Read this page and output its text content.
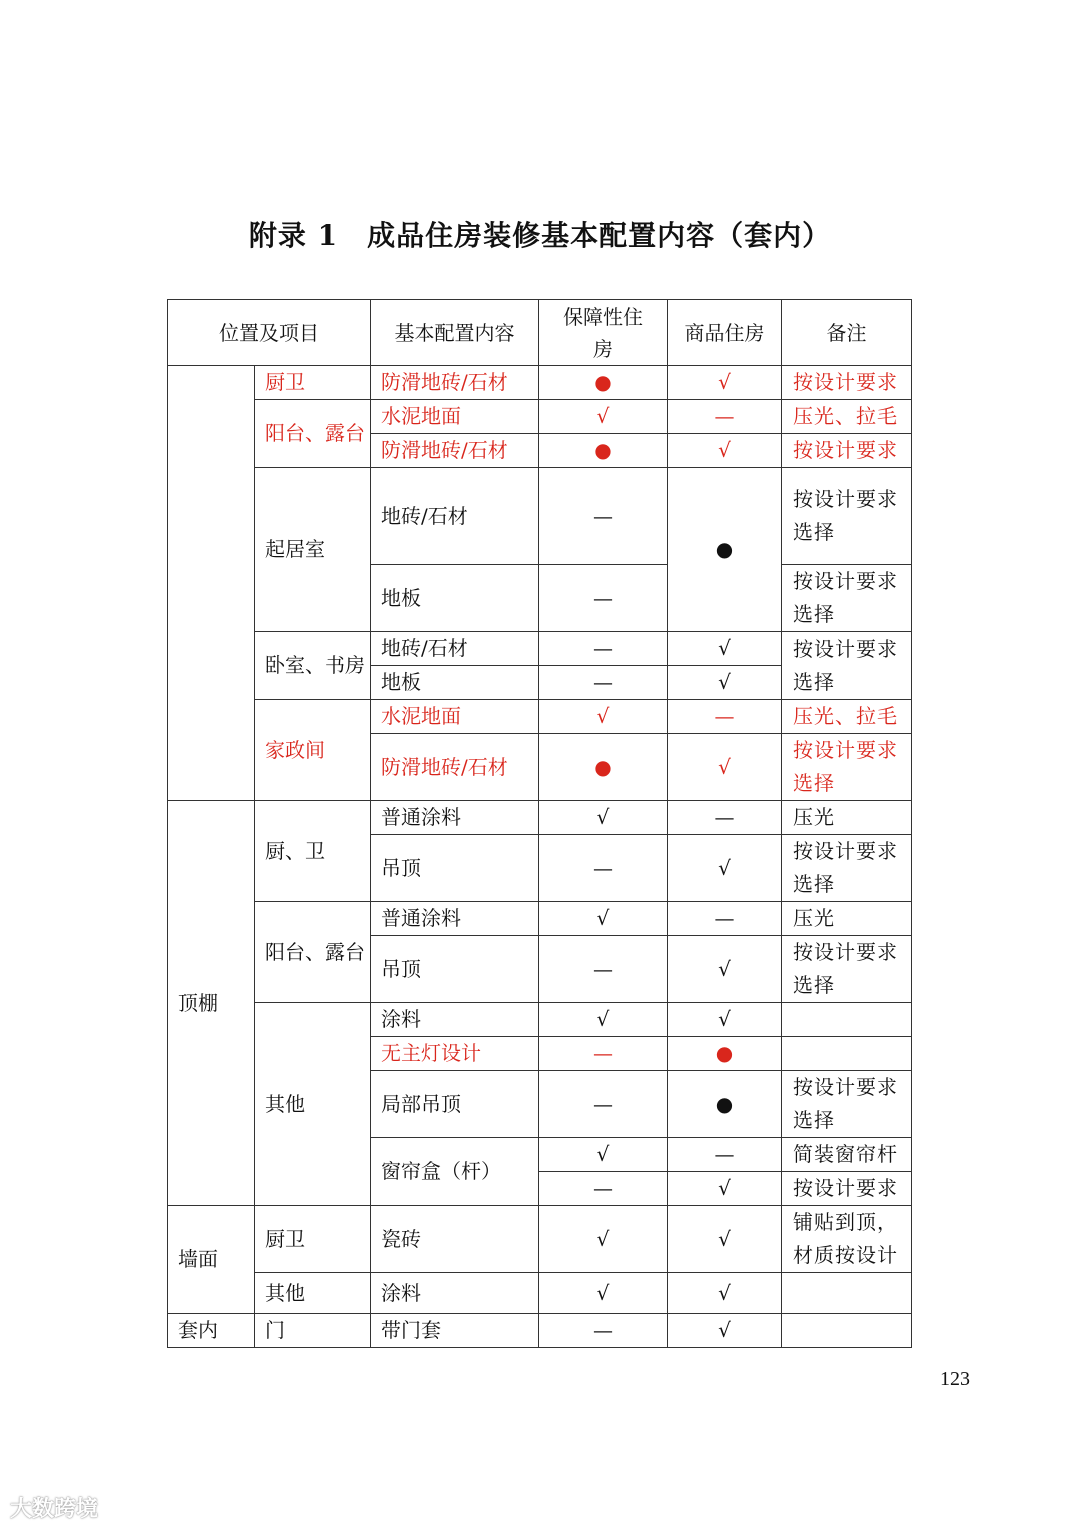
附录 1　成品住房装修基本配置内容（套内）
位置及项目		基本配置内容	保障性住房	商品住房	备注
	厨卫	防滑地砖/石材	●	√	按设计要求
	阳台、露台	水泥地面	√	—	压光、拉毛
		防滑地砖/石材	●	√	按设计要求
	起居室	地砖/石材	—	●	按设计要求选择
		地板	—		按设计要求选择
	卧室、书房	地砖/石材	—	√	按设计要求选择
		地板	—	√	
	家政间	水泥地面	√	—	压光、拉毛
		防滑地砖/石材	●	√	按设计要求选择
顶棚	厨、卫	普通涂料	√	—	压光
		吊顶	—	√	按设计要求选择
	阳台、露台	普通涂料	√	—	压光
		吊顶	—	√	按设计要求选择
	其他	涂料	√	√	
		无主灯设计	—	●	
		局部吊顶	—	●	按设计要求选择
		窗帘盒（杆）	√	—	简装窗帘杆
			—	√	按设计要求
墙面	厨卫	瓷砖	√	√	铺贴到顶，材质按设计
	其他	涂料	√	√	
套内	门	带门套	—	√	
123
大数跨境
